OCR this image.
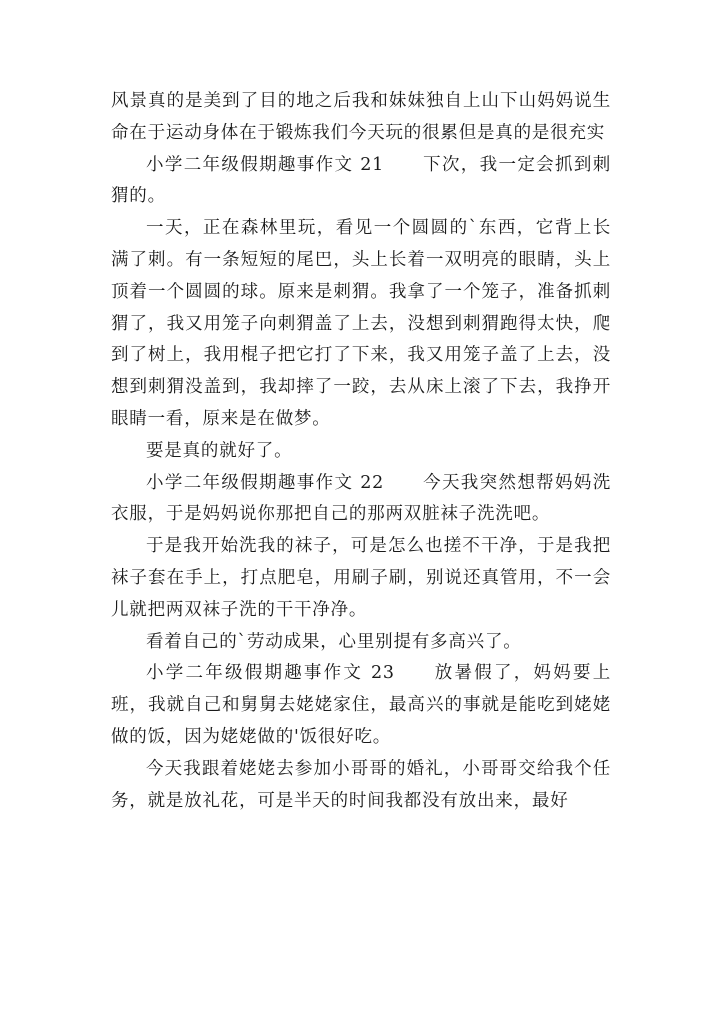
风景真的是美到了目的地之后我和妹妹独自上山下山妈妈说生命在于运动身体在于锻炼我们今天玩的很累但是真的是很充实

小学二年级假期趣事作文 21 下次，我一定会抓到刺猬的。

一天，正在森林里玩，看见一个圆圆的`东西，它背上长满了刺。有一条短短的尾巴，头上长着一双明亮的眼睛，头上顶着一个圆圆的球。原来是刺猬。我拿了一个笼子，准备抓刺猬了，我又用笼子向刺猬盖了上去，没想到刺猬跑得太快，爬到了树上，我用棍子把它打了下来，我又用笼子盖了上去，没想到刺猬没盖到，我却摔了一跤，去从床上滚了下去，我挣开眼睛一看，原来是在做梦。

要是真的就好了。

小学二年级假期趣事作文 22 今天我突然想帮妈妈洗衣服，于是妈妈说你那把自己的那两双脏袜子洗洗吧。

于是我开始洗我的袜子，可是怎么也搓不干净，于是我把袜子套在手上，打点肥皂，用刷子刷，别说还真管用，不一会儿就把两双袜子洗的干干净净。

看着自己的`劳动成果，心里别提有多高兴了。

小学二年级假期趣事作文 23 放暑假了，妈妈要上班，我就自己和舅舅去姥姥家住，最高兴的事就是能吃到姥姥做的饭，因为姥姥做的'饭很好吃。

今天我跟着姥姥去参加小哥哥的婚礼，小哥哥交给我个任务，就是放礼花，可是半天的时间我都没有放出来，最好
